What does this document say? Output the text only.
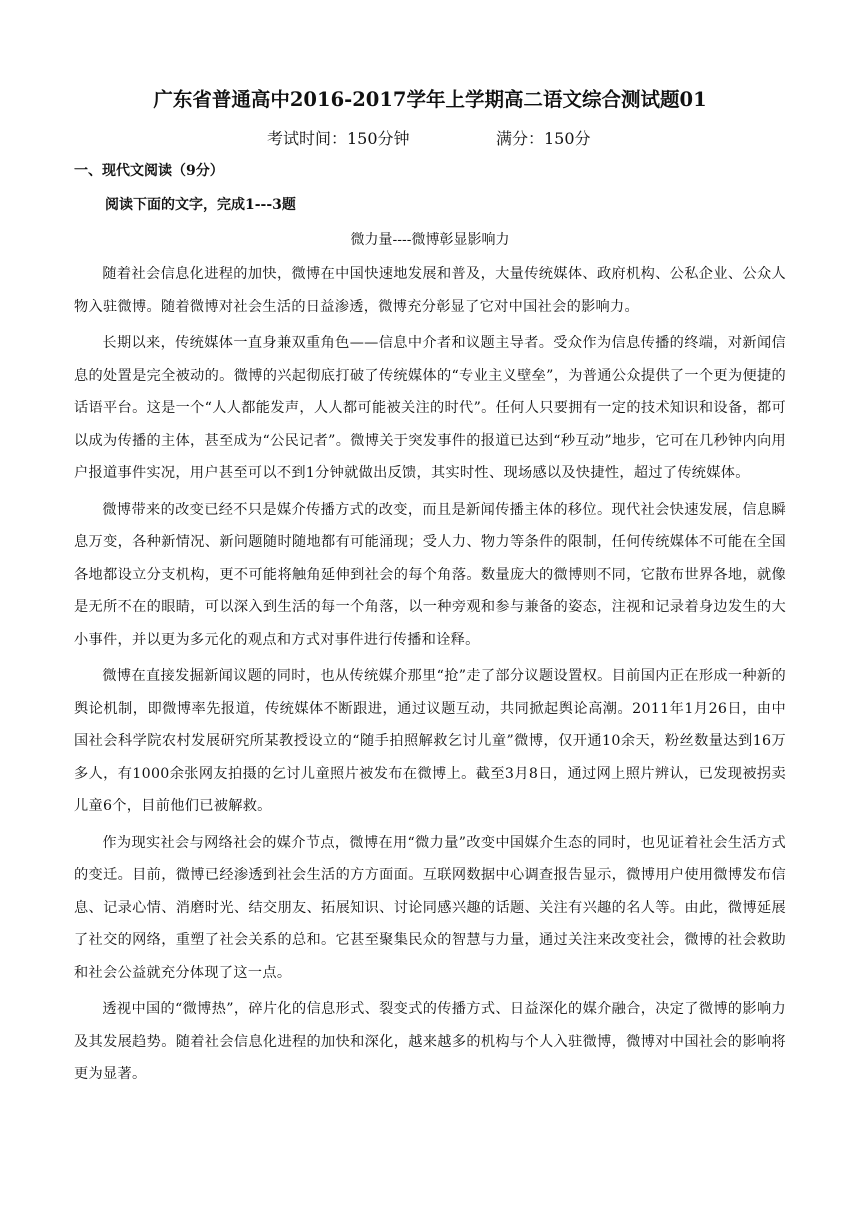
广东省普通高中2016-2017学年上学期高二语文综合测试题01
考试时间：150分钟	满分：150分
一、现代文阅读（9分）
阅读下面的文字，完成1---3题
微力量----微博彰显影响力

随着社会信息化进程的加快，微博在中国快速地发展和普及，大量传统媒体、政府机构、公私企业、公众人物入驻微博。随着微博对社会生活的日益渗透，微博充分彰显了它对中国社会的影响力。

长期以来，传统媒体一直身兼双重角色——信息中介者和议题主导者。受众作为信息传播的终端，对新闻信息的处置是完全被动的。微博的兴起彻底打破了传统媒体的“专业主义壁垒”，为普通公众提供了一个更为便捷的话语平台。这是一个“人人都能发声，人人都可能被关注的时代”。任何人只要拥有一定的技术知识和设备，都可以成为传播的主体，甚至成为“公民记者”。微博关于突发事件的报道已达到“秒互动”地步，它可在几秒钟内向用户报道事件实况，用户甚至可以不到1分钟就做出反馈，其实时性、现场感以及快捷性，超过了传统媒体。

微博带来的改变已经不只是媒介传播方式的改变，而且是新闻传播主体的移位。现代社会快速发展，信息瞬息万变，各种新情况、新问题随时随地都有可能涌现；受人力、物力等条件的限制，任何传统媒体不可能在全国各地都设立分支机构，更不可能将触角延伸到社会的每个角落。数量庞大的微博则不同，它散布世界各地，就像是无所不在的眼睛，可以深入到生活的每一个角落，以一种旁观和参与兼备的姿态，注视和记录着身边发生的大小事件，并以更为多元化的观点和方式对事件进行传播和诠释。

微博在直接发掘新闻议题的同时，也从传统媒介那里“抢”走了部分议题设置权。目前国内正在形成一种新的舆论机制，即微博率先报道，传统媒体不断跟进，通过议题互动，共同掀起舆论高潮。2011年1月26日，由中国社会科学院农村发展研究所某教授设立的“随手拍照解救乞讨儿童”微博，仅开通10余天，粉丝数量达到16万多人，有1000余张网友拍摄的乞讨儿童照片被发布在微博上。截至3月8日，通过网上照片辨认，已发现被拐卖儿童6个，目前他们已被解救。

作为现实社会与网络社会的媒介节点，微博在用“微力量”改变中国媒介生态的同时，也见证着社会生活方式的变迁。目前，微博已经渗透到社会生活的方方面面。互联网数据中心调查报告显示，微博用户使用微博发布信息、记录心情、消磨时光、结交朋友、拓展知识、讨论同感兴趣的话题、关注有兴趣的名人等。由此，微博延展了社交的网络，重塑了社会关系的总和。它甚至聚集民众的智慧与力量，通过关注来改变社会，微博的社会救助和社会公益就充分体现了这一点。

透视中国的“微博热”，碎片化的信息形式、裂变式的传播方式、日益深化的媒介融合，决定了微博的影响力及其发展趋势。随着社会信息化进程的加快和深化，越来越多的机构与个人入驻微博，微博对中国社会的影响将更为显著。
